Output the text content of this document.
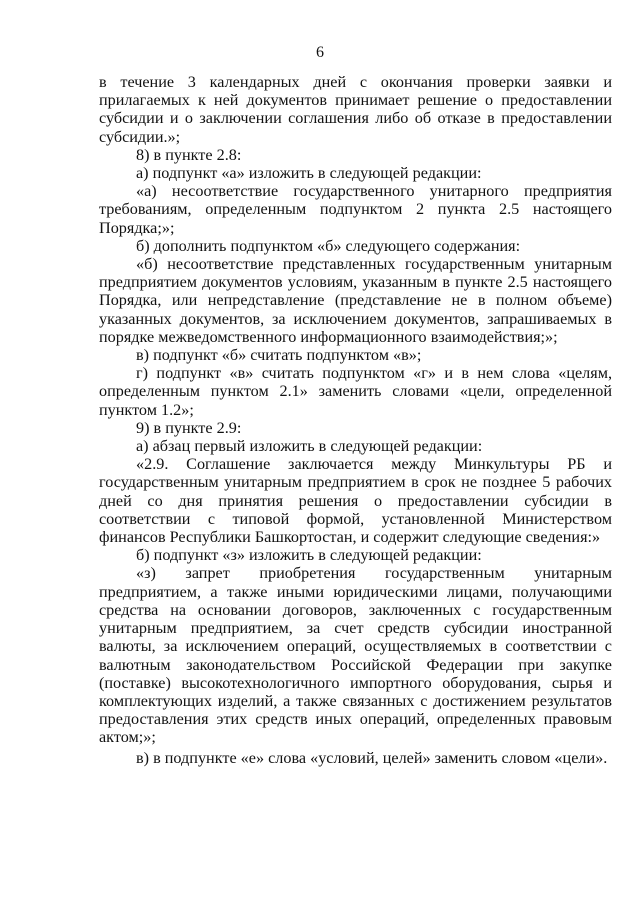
6

в течение 3 календарных дней с окончания проверки заявки и прилагаемых к ней документов принимает решение о предоставлении субсидии и о заключении соглашения либо об отказе в предоставлении субсидии.»;

8) в пункте 2.8:

а) подпункт «а» изложить в следующей редакции:

«а) несоответствие государственного унитарного предприятия требованиям, определенным подпунктом 2 пункта 2.5 настоящего Порядка;»;

б) дополнить подпунктом «б» следующего содержания:

«б) несоответствие представленных государственным унитарным предприятием документов условиям, указанным в пункте 2.5 настоящего Порядка, или непредставление (представление не в полном объеме) указанных документов, за исключением документов, запрашиваемых в порядке межведомственного информационного взаимодействия;»;

в) подпункт «б» считать подпунктом «в»;

г) подпункт «в» считать подпунктом «г» и в нем слова «целям, определенным пунктом 2.1» заменить словами «цели, определенной пунктом 1.2»;

9) в пункте 2.9:

а) абзац первый изложить в следующей редакции:

«2.9. Соглашение заключается между Минкультуры РБ и государственным унитарным предприятием в срок не позднее 5 рабочих дней со дня принятия решения о предоставлении субсидии в соответствии с типовой формой, установленной Министерством финансов Республики Башкортостан, и содержит следующие сведения:»

б) подпункт «з» изложить в следующей редакции:

«з) запрет приобретения государственным унитарным предприятием, а также иными юридическими лицами, получающими средства на основании договоров, заключенных с государственным унитарным предприятием, за счет средств субсидии иностранной валюты, за исключением операций, осуществляемых в соответствии с валютным законодательством Российской Федерации при закупке (поставке) высокотехнологичного импортного оборудования, сырья и комплектующих изделий, а также связанных с достижением результатов предоставления этих средств иных операций, определенных правовым актом;»;

в) в подпункте «е» слова «условий, целей» заменить словом «цели».
